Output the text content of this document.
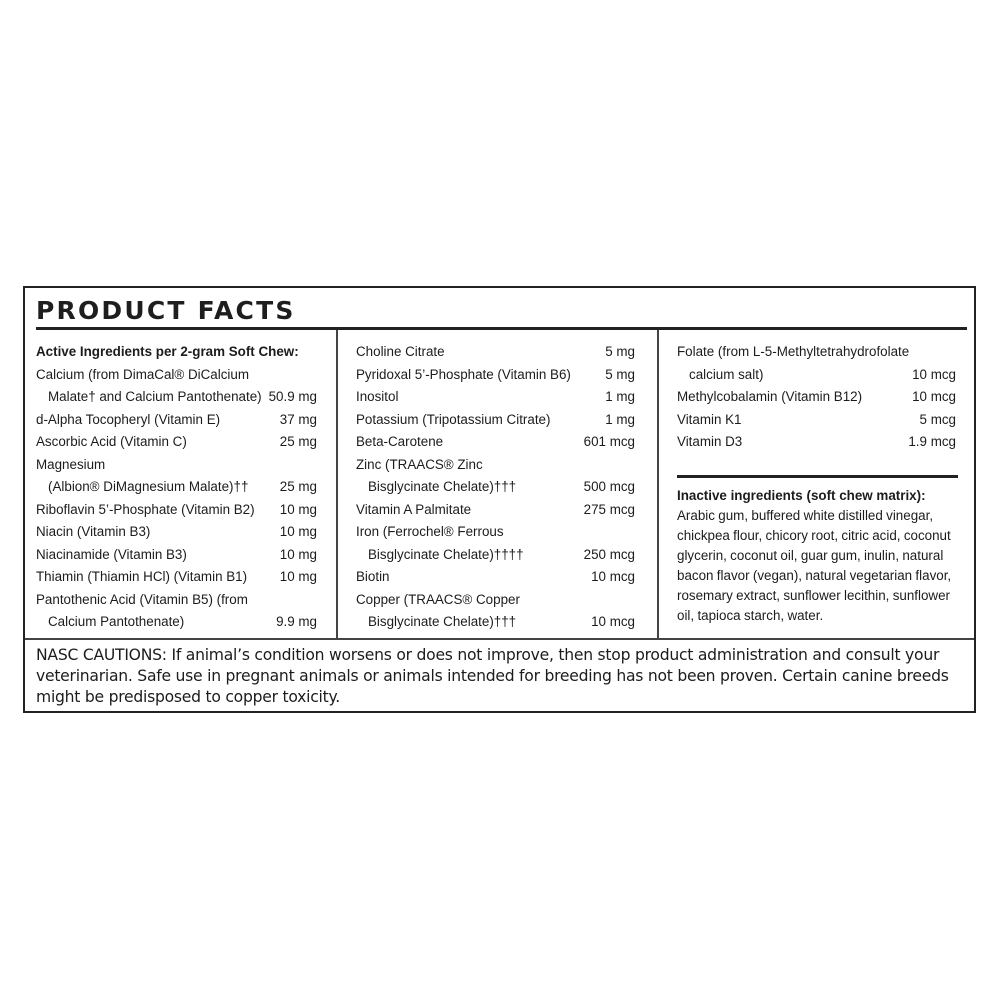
PRODUCT FACTS
Active Ingredients per 2-gram Soft Chew:
Calcium (from DimaCal® DiCalcium
Malate† and Calcium Pantothenate) 50.9 mg
d-Alpha Tocopheryl (Vitamin E)	37 mg
Ascorbic Acid (Vitamin C)	25 mg
Magnesium
(Albion® DiMagnesium Malate)††	25 mg
Riboflavin 5’-Phosphate (Vitamin B2)	10 mg
Niacin (Vitamin B3)	10 mg
Niacinamide (Vitamin B3)	10 mg
Thiamin (Thiamin HCl) (Vitamin B1)	10 mg
Pantothenic Acid (Vitamin B5) (from
Calcium Pantothenate)	9.9 mg
Choline Citrate	5 mg
Pyridoxal 5’-Phosphate (Vitamin B6)	5 mg
Inositol	1 mg
Potassium (Tripotassium Citrate)	1 mg
Beta-Carotene	601 mcg
Zinc (TRAACS® Zinc
Bisglycinate Chelate)†††	500 mcg
Vitamin A Palmitate	275 mcg
Iron (Ferrochel® Ferrous
Bisglycinate Chelate)††††	250 mcg
Biotin	10 mcg
Copper (TRAACS® Copper
Bisglycinate Chelate)†††	10 mcg
Folate (from L-5-Methyltetrahydrofolate
calcium salt)	10 mcg
Methylcobalamin (Vitamin B12)	10 mcg
Vitamin K1	5 mcg
Vitamin D3	1.9 mcg
Inactive ingredients (soft chew matrix):
Arabic gum, buffered white distilled vinegar, chickpea flour, chicory root, citric acid, coconut glycerin, coconut oil, guar gum, inulin, natural bacon flavor (vegan), natural vegetarian flavor, rosemary extract, sunflower lecithin, sunflower oil, tapioca starch, water.
NASC CAUTIONS: If animal’s condition worsens or does not improve, then stop product administration and consult your veterinarian. Safe use in pregnant animals or animals intended for breeding has not been proven. Certain canine breeds might be predisposed to copper toxicity.
